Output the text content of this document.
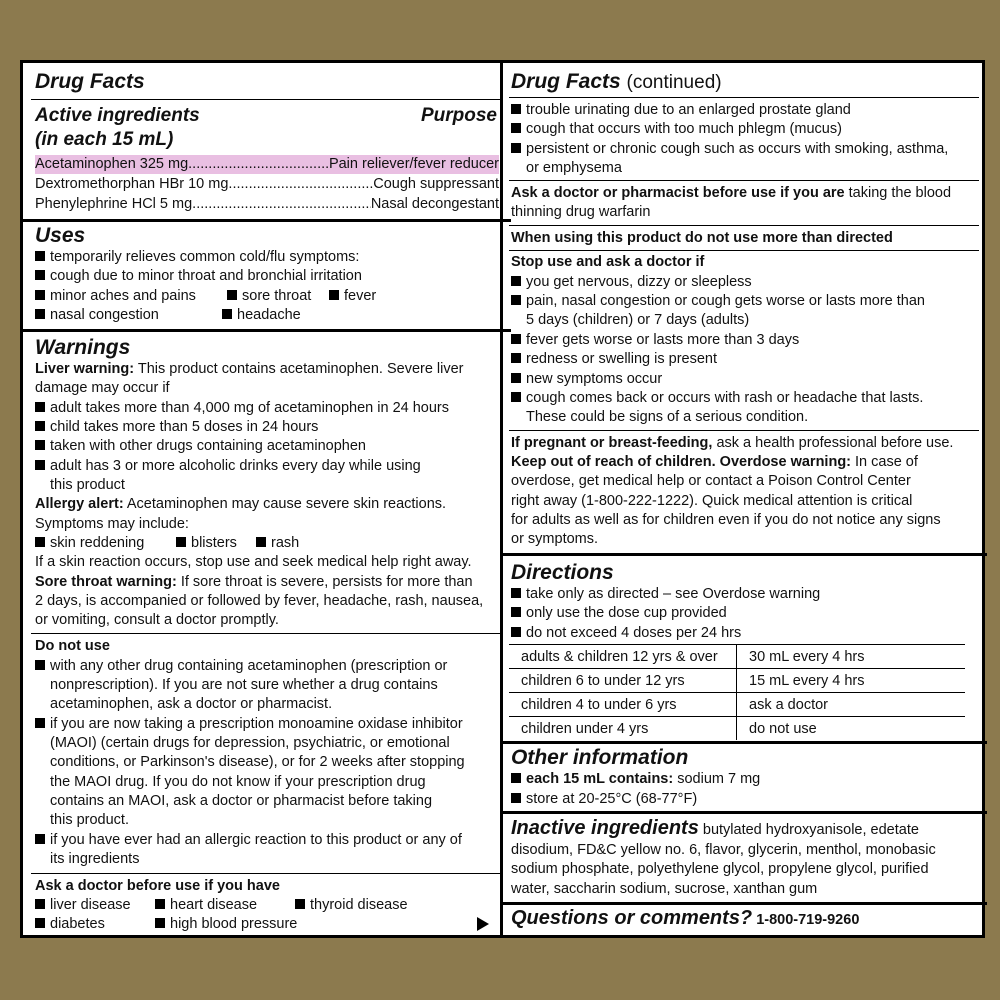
Drug Facts
Active ingredients	Purpose
(in each 15 mL)
Acetaminophen 325 mg .....	Pain reliever/fever reducer
Dextromethorphan HBr 10 mg .....	Cough suppressant
Phenylephrine HCl 5 mg .....	Nasal decongestant
Uses
temporarily relieves common cold/flu symptoms:
cough due to minor throat and bronchial irritation
minor aches and pains	sore throat	fever
nasal congestion	headache
Warnings
Liver warning: This product contains acetaminophen. Severe liver
damage may occur if
adult takes more than 4,000 mg of acetaminophen in 24 hours
child takes more than 5 doses in 24 hours
taken with other drugs containing acetaminophen
adult has 3 or more alcoholic drinks every day while using
this product
Allergy alert: Acetaminophen may cause severe skin reactions.
Symptoms may include:
skin reddening	blisters	rash
If a skin reaction occurs, stop use and seek medical help right away.
Sore throat warning: If sore throat is severe, persists for more than
2 days, is accompanied or followed by fever, headache, rash, nausea,
or vomiting, consult a doctor promptly.
Do not use
with any other drug containing acetaminophen (prescription or
nonprescription). If you are not sure whether a drug contains
acetaminophen, ask a doctor or pharmacist.
if you are now taking a prescription monoamine oxidase inhibitor
(MAOI) (certain drugs for depression, psychiatric, or emotional
conditions, or Parkinson's disease), or for 2 weeks after stopping
the MAOI drug. If you do not know if your prescription drug
contains an MAOI, ask a doctor or pharmacist before taking
this product.
if you have ever had an allergic reaction to this product or any of
its ingredients
Ask a doctor before use if you have
liver disease	heart disease	thyroid disease
diabetes	high blood pressure
Drug Facts (continued)
trouble urinating due to an enlarged prostate gland
cough that occurs with too much phlegm (mucus)
persistent or chronic cough such as occurs with smoking, asthma,
or emphysema
Ask a doctor or pharmacist before use if you are taking the blood
thinning drug warfarin
When using this product do not use more than directed
Stop use and ask a doctor if
you get nervous, dizzy or sleepless
pain, nasal congestion or cough gets worse or lasts more than
5 days (children) or 7 days (adults)
fever gets worse or lasts more than 3 days
redness or swelling is present
new symptoms occur
cough comes back or occurs with rash or headache that lasts.
These could be signs of a serious condition.
If pregnant or breast-feeding, ask a health professional before use.
Keep out of reach of children. Overdose warning: In case of
overdose, get medical help or contact a Poison Control Center
right away (1-800-222-1222). Quick medical attention is critical
for adults as well as for children even if you do not notice any signs
or symptoms.
Directions
take only as directed – see Overdose warning
only use the dose cup provided
do not exceed 4 doses per 24 hrs
adults & children 12 yrs & over	30 mL every 4 hrs
children 6 to under 12 yrs	15 mL every 4 hrs
children 4 to under 6 yrs	ask a doctor
children under 4 yrs	do not use
Other information
each 15 mL contains: sodium 7 mg
store at 20-25°C (68-77°F)
Inactive ingredients butylated hydroxyanisole, edetate
disodium, FD&C yellow no. 6, flavor, glycerin, menthol, monobasic
sodium phosphate, polyethylene glycol, propylene glycol, purified
water, saccharin sodium, sucrose, xanthan gum
Questions or comments? 1-800-719-9260
